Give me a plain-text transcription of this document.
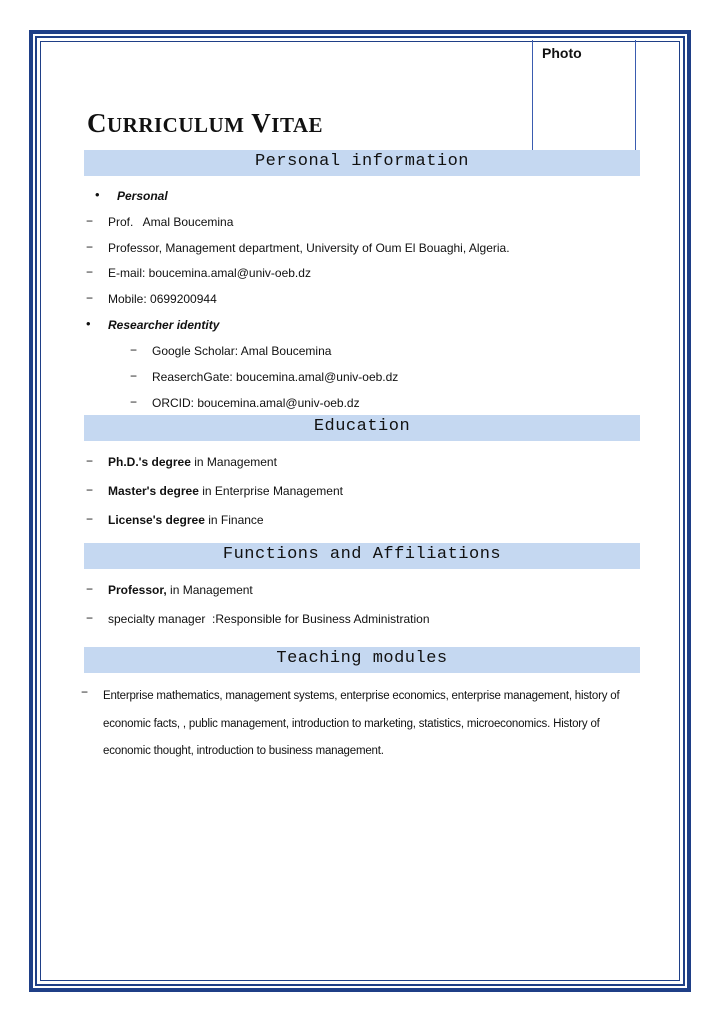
Photo
CURRICULUM VITAE
Personal information
• Personal
− Prof.   Amal Boucemina
− Professor, Management department, University of Oum El Bouaghi, Algeria.
− E-mail: boucemina.amal@univ-oeb.dz
− Mobile: 0699200944
• Researcher identity
− Google Scholar: Amal Boucemina
− ReaserchGate: boucemina.amal@univ-oeb.dz
− ORCID: boucemina.amal@univ-oeb.dz
Education
− Ph.D.'s degree in Management
− Master's degree in Enterprise Management
− License's degree in Finance
Functions and Affiliations
− Professor, in Management
− specialty manager  :Responsible for Business Administration
Teaching modules
− Enterprise mathematics, management systems, enterprise economics, enterprise management, history of economic facts, , public management, introduction to marketing, statistics, microeconomics. History of economic thought, introduction to business management.
